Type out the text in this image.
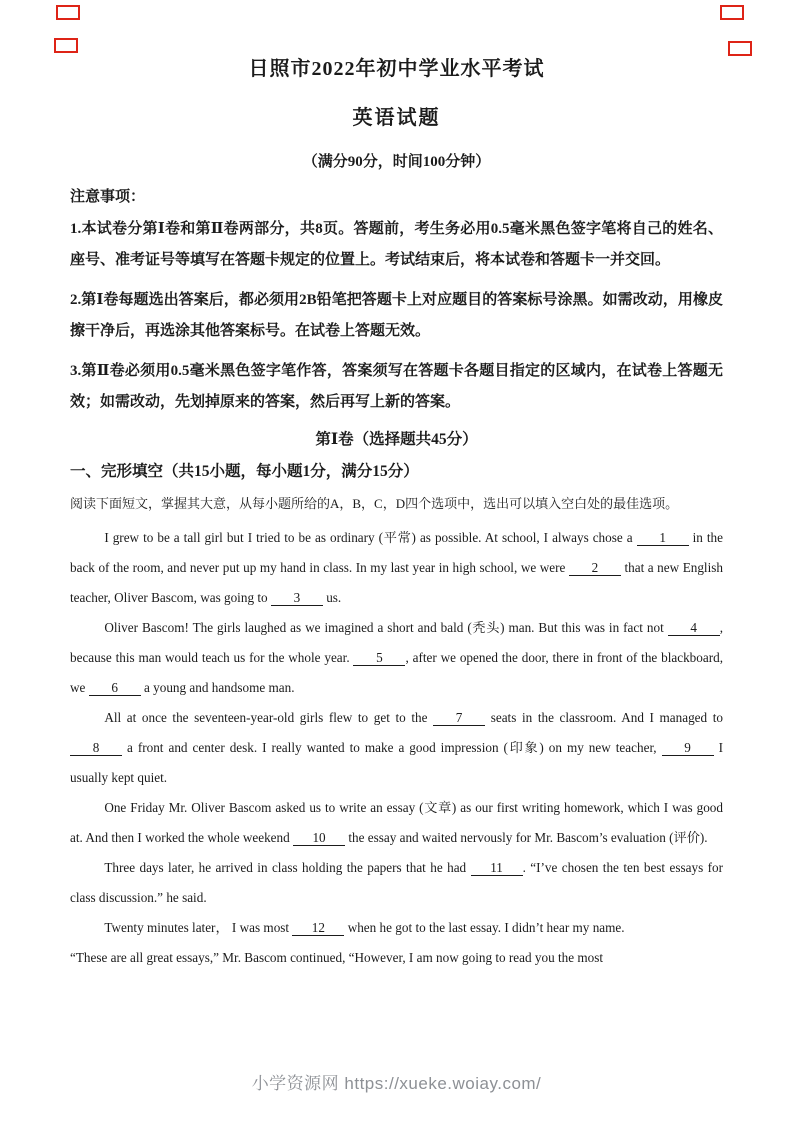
日照市2022年初中学业水平考试
英语试题
（满分90分，时间100分钟）
注意事项：

1.本试卷分第Ⅰ卷和第Ⅱ卷两部分，共8页。答题前，考生务必用0.5毫米黑色签字笔将自己的姓名、座号、准考证号等填写在答题卡规定的位置上。考试结束后，将本试卷和答题卡一并交回。

2.第Ⅰ卷每题选出答案后，都必须用2B铅笔把答题卡上对应题目的答案标号涂黑。如需改动，用橡皮擦干净后，再选涂其他答案标号。在试卷上答题无效。

3.第Ⅱ卷必须用0.5毫米黑色签字笔作答，答案须写在答题卡各题目指定的区域内，在试卷上答题无效；如需改动，先划掉原来的答案，然后再写上新的答案。

第Ⅰ卷（选择题共45分）
一、完形填空（共15小题，每小题1分，满分15分）

阅读下面短文，掌握其大意，从每小题所给的A，B，C，D四个选项中，选出可以填入空白处的最佳选项。

I grew to be a tall girl but I tried to be as ordinary (平常) as possible. At school, I always chose a 1 in the back of the room, and never put up my hand in class. In my last year in high school, we were 2 that a new English teacher, Oliver Bascom, was going to 3 us.

Oliver Bascom! The girls laughed as we imagined a short and bald (秃头) man. But this was in fact not 4 , because this man would teach us for the whole year. 5 , after we opened the door, there in front of the blackboard, we 6 a young and handsome man.

All at once the seventeen-year-old girls flew to get to the 7 seats in the classroom. And I managed to 8 a front and center desk. I really wanted to make a good impression (印象) on my new teacher, 9 I usually kept quiet.

One Friday Mr. Oliver Bascom asked us to write an essay (文章) as our first writing homework, which I was good at. And then I worked the whole weekend 10 the essay and waited nervously for Mr. Bascom’s evaluation (评价).

Three days later, he arrived in class holding the papers that he had 11 . “I’ve chosen the ten best essays for class discussion.” he said.

Twenty minutes later， I was most 12 when he got to the last essay. I didn’t hear my name.

“These are all great essays,” Mr. Bascom continued, “However, I am now going to read you the most

小学资源网 https://xueke.woiay.com/
